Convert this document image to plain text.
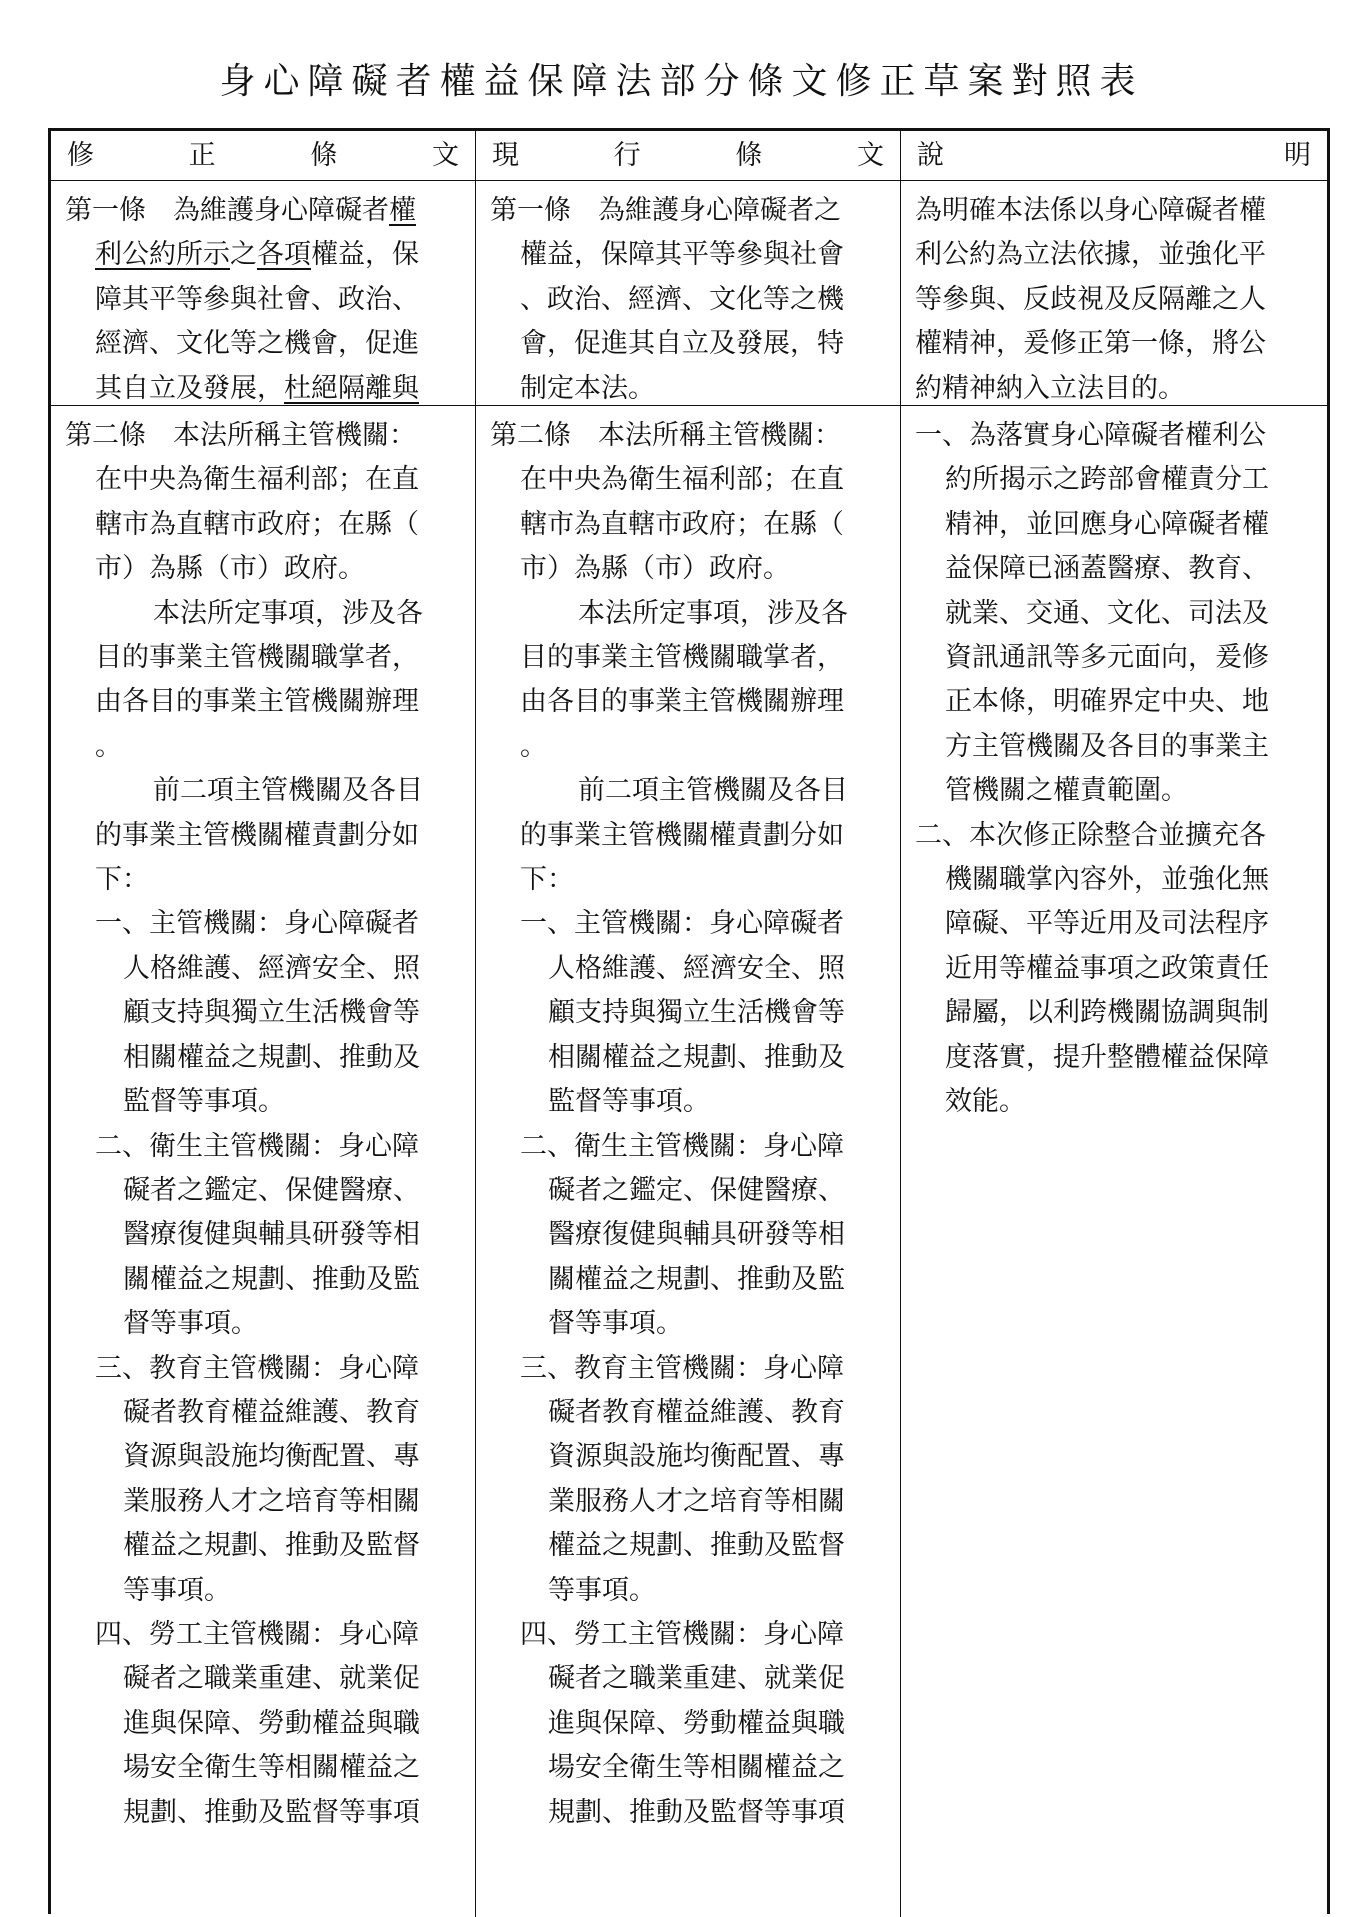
身心障礙者權益保障法部分條文修正草案對照表
修　正　條　文 現　行　條　文 說　明
第一條　為維護身心障礙者權
利公約所示之各項權益，保
障其平等參與社會、政治、
經濟、文化等之機會，促進
其自立及發展，杜絕隔離與
第一條　為維護身心障礙者之
權益，保障其平等參與社會
、政治、經濟、文化等之機
會，促進其自立及發展，特
制定本法。
為明確本法係以身心障礙者權
利公約為立法依據，並強化平
等參與、反歧視及反隔離之人
權精神，爰修正第一條，將公
約精神納入立法目的。
第二條　本法所稱主管機關：
在中央為衛生福利部；在直
轄市為直轄市政府；在縣（
市）為縣（市）政府。
本法所定事項，涉及各
目的事業主管機關職掌者，
由各目的事業主管機關辦理
。
前二項主管機關及各目
的事業主管機關權責劃分如
下：
一、主管機關：身心障礙者
人格維護、經濟安全、照
顧支持與獨立生活機會等
相關權益之規劃、推動及
監督等事項。
二、衛生主管機關：身心障
礙者之鑑定、保健醫療、
醫療復健與輔具研發等相
關權益之規劃、推動及監
督等事項。
三、教育主管機關：身心障
礙者教育權益維護、教育
資源與設施均衡配置、專
業服務人才之培育等相關
權益之規劃、推動及監督
等事項。
四、勞工主管機關：身心障
礙者之職業重建、就業促
進與保障、勞動權益與職
場安全衛生等相關權益之
規劃、推動及監督等事項
第二條　本法所稱主管機關：
在中央為衛生福利部；在直
轄市為直轄市政府；在縣（
市）為縣（市）政府。
本法所定事項，涉及各
目的事業主管機關職掌者，
由各目的事業主管機關辦理
。
前二項主管機關及各目
的事業主管機關權責劃分如
下：
一、主管機關：身心障礙者
人格維護、經濟安全、照
顧支持與獨立生活機會等
相關權益之規劃、推動及
監督等事項。
二、衛生主管機關：身心障
礙者之鑑定、保健醫療、
醫療復健與輔具研發等相
關權益之規劃、推動及監
督等事項。
三、教育主管機關：身心障
礙者教育權益維護、教育
資源與設施均衡配置、專
業服務人才之培育等相關
權益之規劃、推動及監督
等事項。
四、勞工主管機關：身心障
礙者之職業重建、就業促
進與保障、勞動權益與職
場安全衛生等相關權益之
規劃、推動及監督等事項
一、為落實身心障礙者權利公
約所揭示之跨部會權責分工
精神，並回應身心障礙者權
益保障已涵蓋醫療、教育、
就業、交通、文化、司法及
資訊通訊等多元面向，爰修
正本條，明確界定中央、地
方主管機關及各目的事業主
管機關之權責範圍。
二、本次修正除整合並擴充各
機關職掌內容外，並強化無
障礙、平等近用及司法程序
近用等權益事項之政策責任
歸屬，以利跨機關協調與制
度落實，提升整體權益保障
效能。
